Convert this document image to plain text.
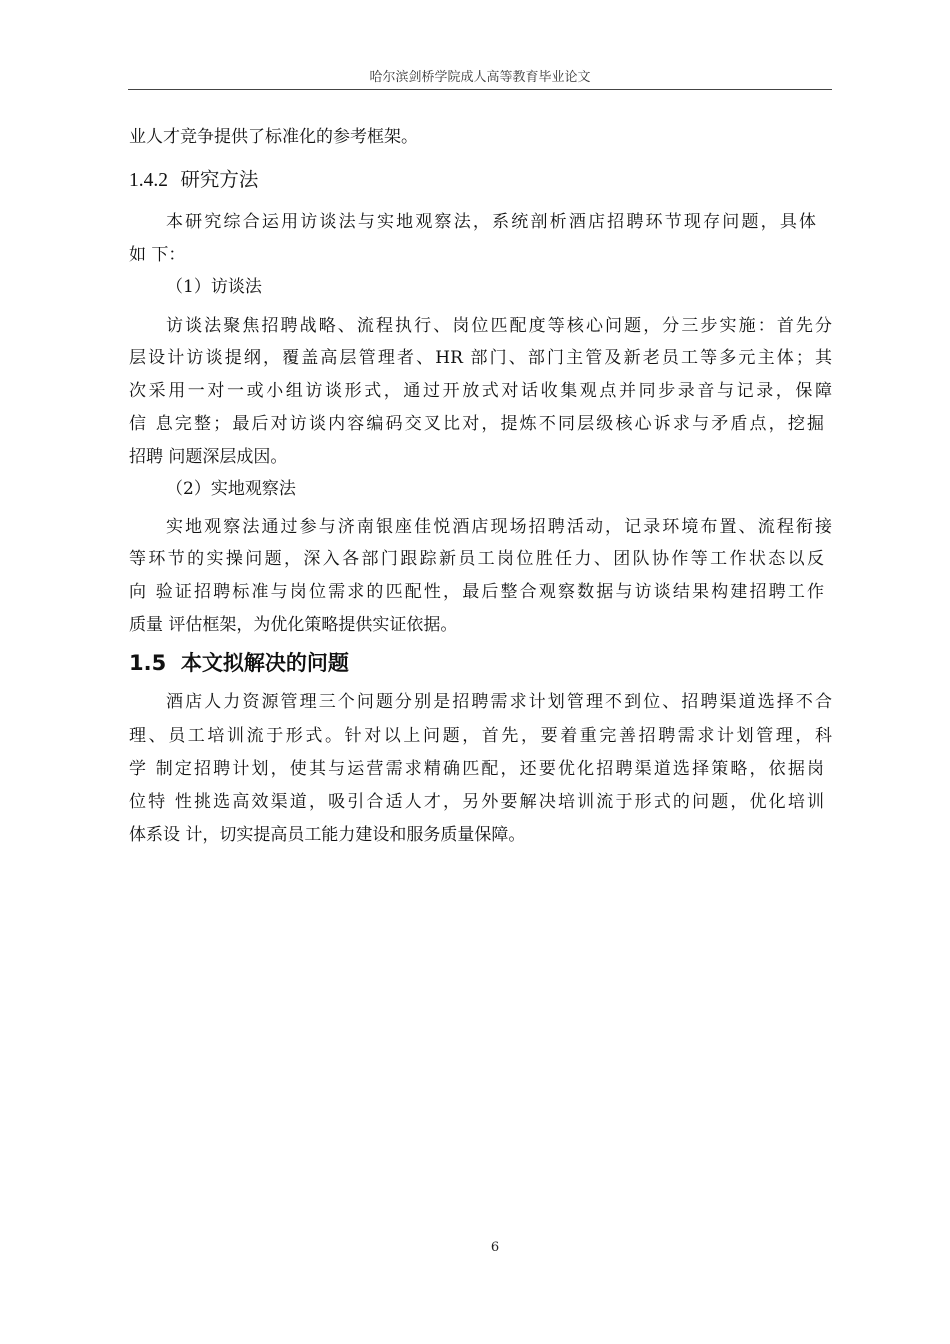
哈尔滨剑桥学院成人高等教育毕业论文
业人才竞争提供了标准化的参考框架。
1.4.2 研究方法
本研究综合运用访谈法与实地观察法，系统剖析酒店招聘环节现存问题，具体
如 下：
（1）访谈法
访谈法聚焦招聘战略、流程执行、岗位匹配度等核心问题，分三步实施：首先分
层设计访谈提纲，覆盖高层管理者、HR 部门、部门主管及新老员工等多元主体；其
次采用一对一或小组访谈形式，通过开放式对话收集观点并同步录音与记录，保障
信 息完整；最后对访谈内容编码交叉比对，提炼不同层级核心诉求与矛盾点，挖掘
招聘 问题深层成因。
（2）实地观察法
实地观察法通过参与济南银座佳悦酒店现场招聘活动，记录环境布置、流程衔接
等环节的实操问题，深入各部门跟踪新员工岗位胜任力、团队协作等工作状态以反
向 验证招聘标准与岗位需求的匹配性，最后整合观察数据与访谈结果构建招聘工作
质量 评估框架，为优化策略提供实证依据。
1.5 本文拟解决的问题
酒店人力资源管理三个问题分别是招聘需求计划管理不到位、招聘渠道选择不合
理、员工培训流于形式。针对以上问题，首先，要着重完善招聘需求计划管理，科
学 制定招聘计划，使其与运营需求精确匹配，还要优化招聘渠道选择策略，依据岗
位特 性挑选高效渠道，吸引合适人才，另外要解决培训流于形式的问题，优化培训
体系设 计，切实提高员工能力建设和服务质量保障。
6
